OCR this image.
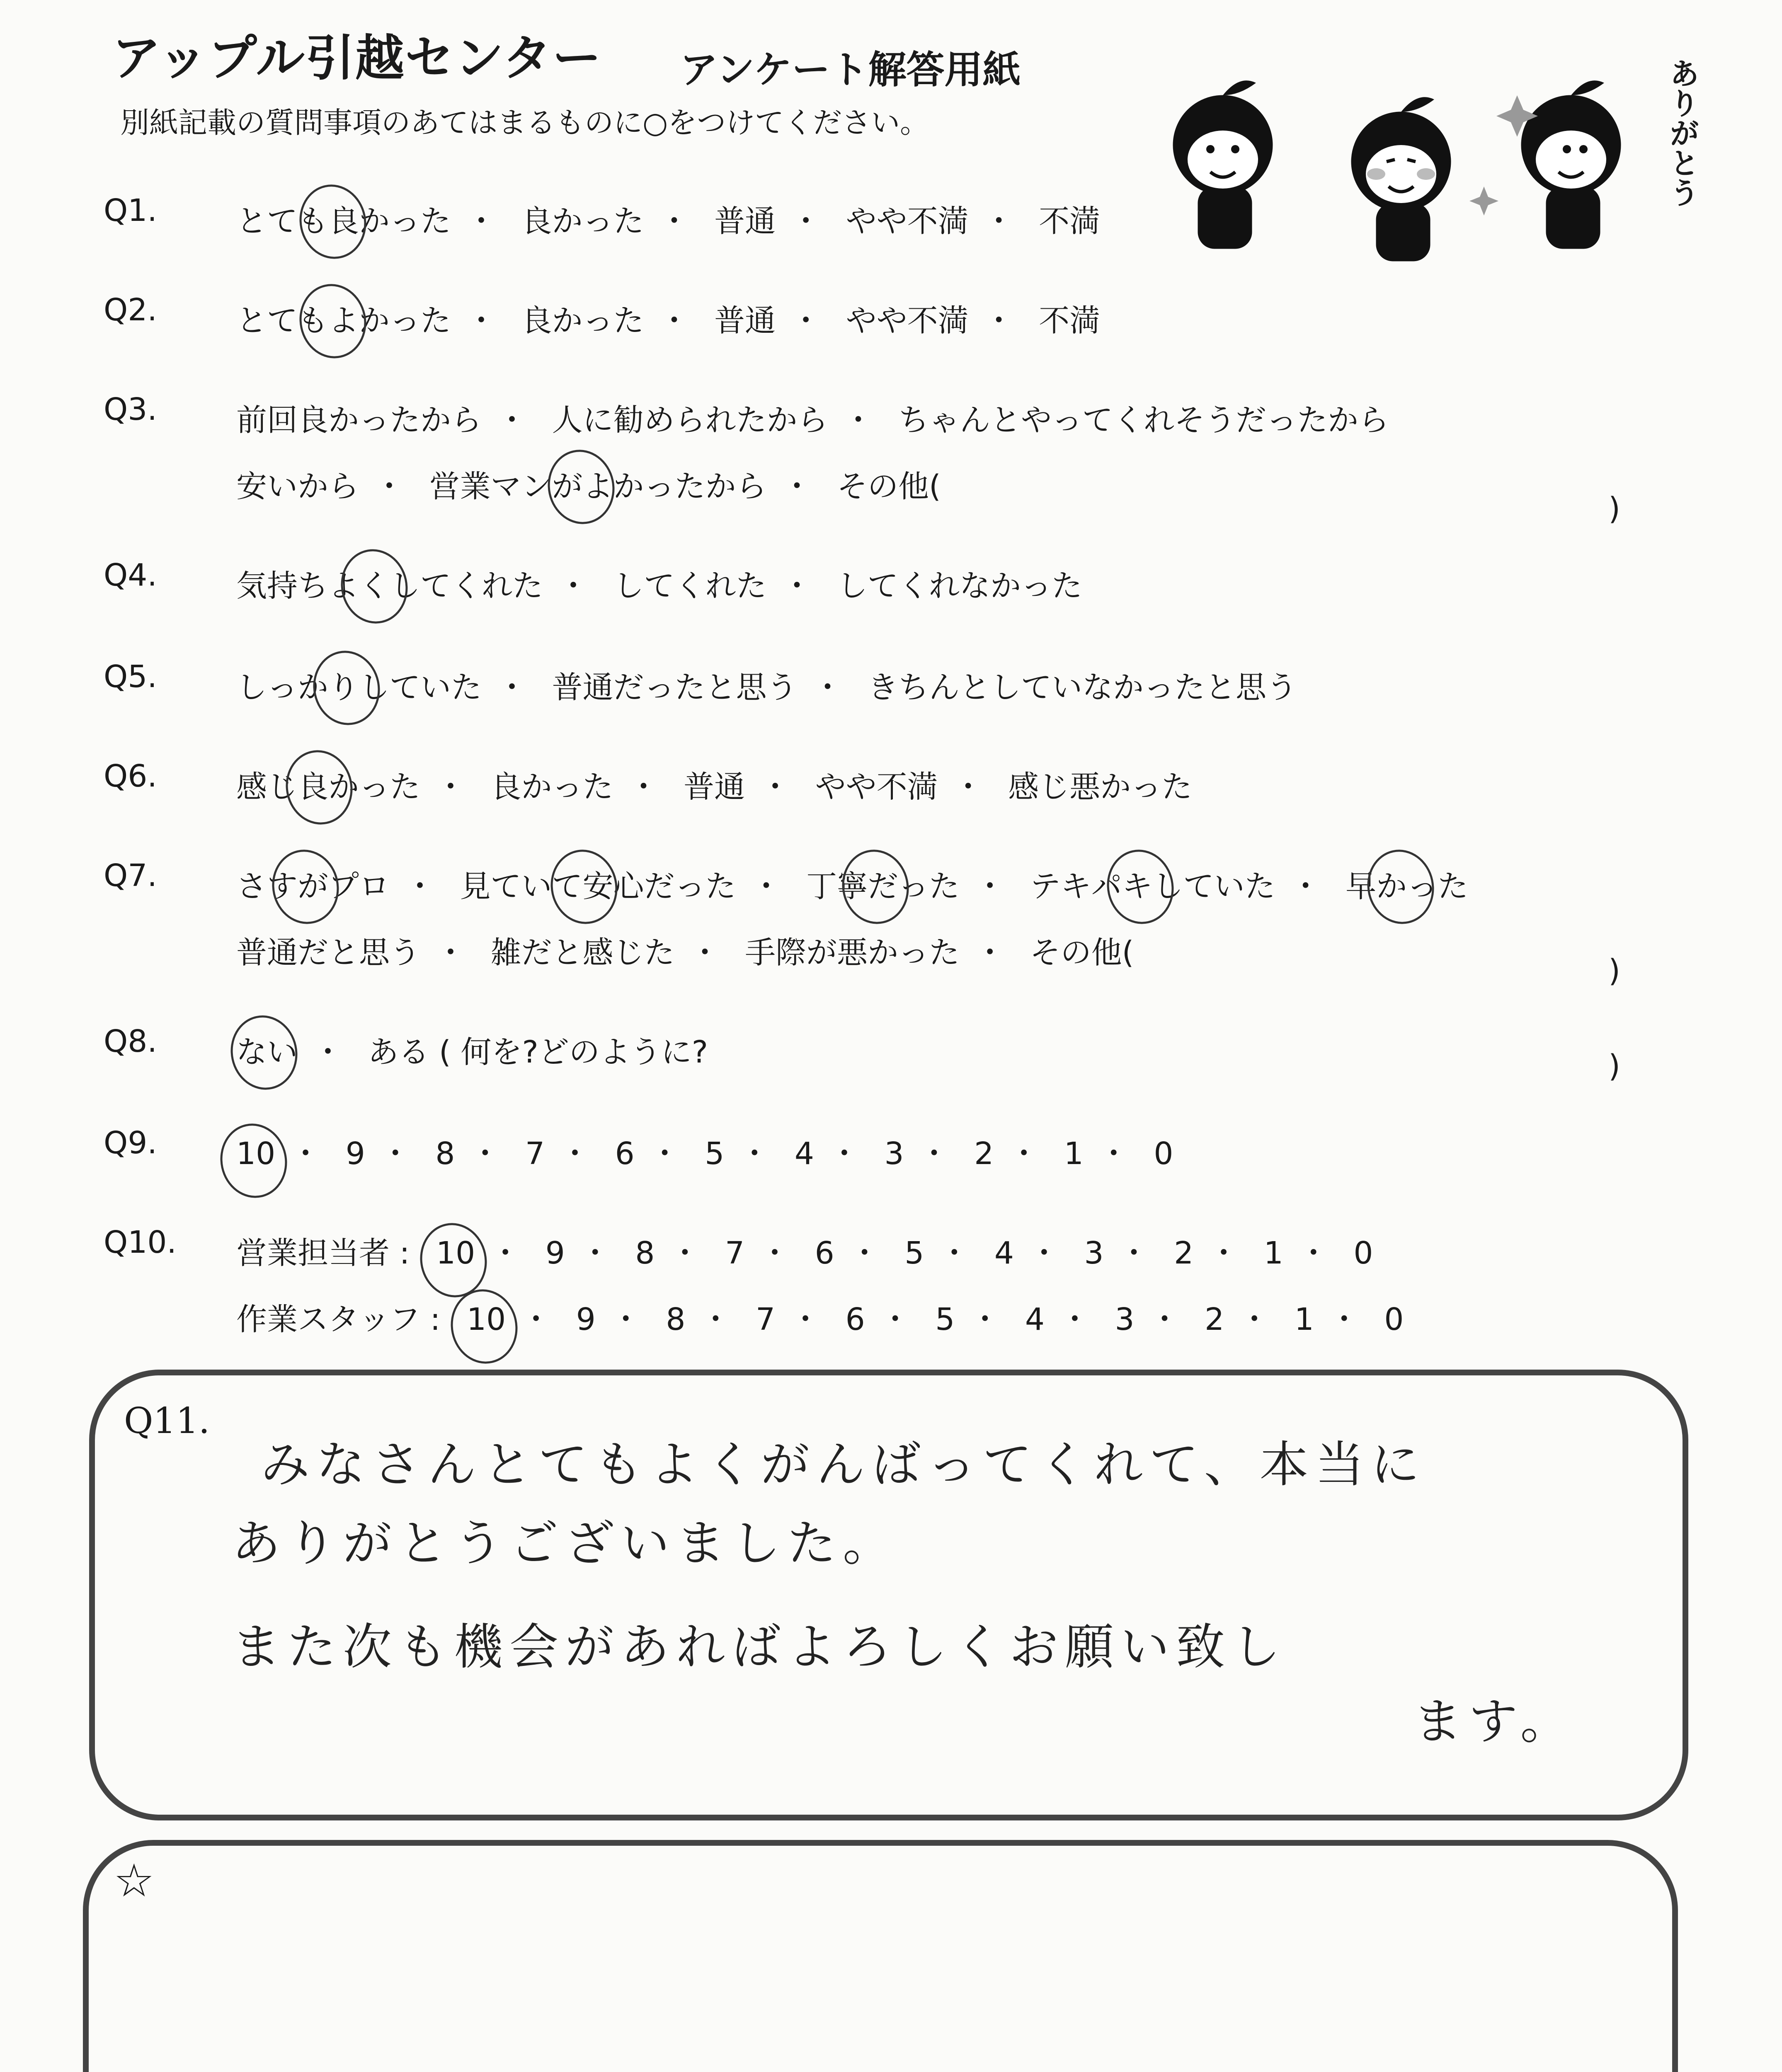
アップル引越センター アンケート解答用紙
別紙記載の質問事項のあてはまるものに○をつけてください。	ありがとう
Q1.	とても良かった ・ 良かった ・ 普通 ・ やや不満 ・ 不満
Q2.	とてもよかった ・ 良かった ・ 普通 ・ やや不満 ・ 不満
Q3.	前回良かったから ・ 人に勧められたから ・ ちゃんとやってくれそうだったから
安いから ・ 営業マンがよかったから ・ その他(
)
Q4.	気持ちよくしてくれた ・ してくれた ・ してくれなかった
Q5.	しっかりしていた ・ 普通だったと思う ・ きちんとしていなかったと思う
Q6.	感じ良かった ・ 良かった ・ 普通 ・ やや不満 ・ 感じ悪かった
Q7.	さすがプロ ・ 見ていて安心だった ・ 丁寧だった ・ テキパキしていた ・ 早かった
普通だと思う ・ 雑だと感じた ・ 手際が悪かった ・ その他(
)
Q8.	ない ・ ある ( 何を?どのように?	)
Q9.	10 ・ 9 ・ 8 ・ 7 ・ 6 ・ 5 ・ 4 ・ 3 ・ 2 ・ 1 ・ 0
Q10. 営業担当者 : 10 ・ 9 ・ 8 ・ 7 ・ 6 ・ 5 ・ 4 ・ 3 ・ 2 ・ 1 ・ 0
作業スタッフ : 10 ・ 9 ・ 8 ・ 7 ・ 6 ・ 5 ・ 4 ・ 3 ・ 2 ・ 1 ・ 0
Q11.
みなさんとてもよくがんばってくれて、本当に
ありがとうございました。
また次も機会があればよろしくお願い致し
ます。
☆
